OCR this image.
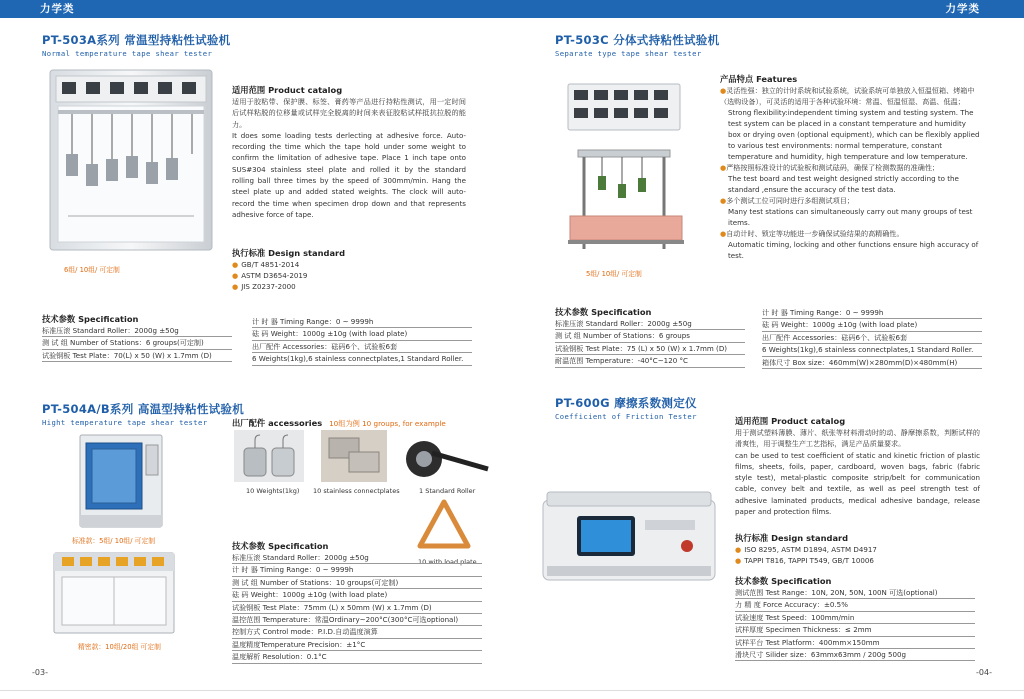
力学类	力学类
PT-503A系列 常温型持粘性试验机
Normal temperature tape shear tester
6组/ 10组/ 可定制
适用范围 Product catalog

适用于胶粘带、保护膜、标签、膏药等产品进行持粘性测试，用一定时间后试样粘脱的位移量或试样完全脱离的时间来表征胶粘试样抵抗拉脱的能力。

It does some loading tests derlecting at adhesive force. Auto-recording the time which the tape hold under some weight to confirm the limitation of adhesive tape. Place 1 inch tape onto SUS#304 stainless steel plate and rolled it by the standard rolling ball three times by the speed of 300mm/min. Hang the steel plate up and added stated weights. The clock will auto-record the time when specimen drop down and that represents adhesive force of tape.

执行标准 Design standard
● GB/T 4851-2014
● ASTM D3654-2019
● JIS Z0237-2000
技术参数 Specification
标准压滚 Standard Roller：2000g ±50g
测 试 组 Number of Stations：6 groups(可定制)
试验钢板 Test Plate：70(L) x 50 (W) x 1.7mm (D)
计 时 器 Timing Range：0 ~ 9999h
砝 码 Weight：1000g ±10g (with load plate)
出厂配件 Accessories：砝码6个、试验板6套
6 Weights(1kg),6 stainless connectplates,1 Standard Roller.
PT-503C 分体式持粘性试验机
Separate type tape shear tester
5组/ 10组/ 可定制
产品特点 Features
●灵活性强：独立的计时系统和试验系统，试验系统可单独放入恒温恒箱、烤箱中（选购设备），可灵活的适用于各种试验环境：常温、恒温恒湿、高温、低温；
Strong flexibility:independent timing system and testing system. The test system can be placed in a constant temperature and humidity box or drying oven (optional equipment), which can be flexibly applied to various test environments: normal temperature, constant temperature and humidity, high temperature and low temperature.
●严格按照标准设计的试验板和测试砝码，确保了检测数据的准确性；
The test board and test weight designed strictly according to the standard ,ensure the accuracy of the test data.
●多个测试工位可同时进行多组测试项目；
Many test stations can simultaneously carry out many groups of test items.
●自动计时、锁定等功能进一步确保试验结果的高精确性。
Automatic timing, locking and other functions ensure high accuracy of test.
技术参数 Specification
标准压滚 Standard Roller：2000g ±50g
测 试 组 Number of Stations：6 groups
试验钢板 Test Plate：75 (L) x 50 (W) x 1.7mm (D)
耐温范围 Temperature：-40°C~120 °C
计 时 器 Timing Range：0 ~ 9999h
砝 码 Weight：1000g ±10g (with load plate)
出厂配件 Accessories：砝码6个、试验板6套
6 Weights(1kg),6 stainless connectplates,1 Standard Roller.
箱体尺寸 Box size：460mm(W)×280mm(D)×480mm(H)
PT-504A/B系列 高温型持粘性试验机
Hight temperature tape shear tester
标准款：5组/ 10组/ 可定制
精密款：10组/20组 可定制
出厂配件 accessories 10组为例 10 groups, for example
10 Weights(1kg) 10 stainless connectplates	1 Standard Roller
10 with load plate
技术参数 Specification
标准压滚 Standard Roller：2000g ±50g
计 时 器 Timing Range：0 ~ 9999h
测 试 组 Number of Stations：10 groups(可定制)
砝 码 Weight：1000g ±10g (with load plate)
试验钢板 Test Plate：75mm (L) x 50mm (W) x 1.7mm (D)
温控范围 Temperature：常温Ordinary~200°C(300°C可选optional)
控制方式 Control mode：P.I.D.自动温度演算
温度精度Temperature Precision：±1°C
温度解析 Resolution：0.1°C
PT-600G 摩擦系数测定仪
Coefficient of Friction Tester	适用范围 Product catalog

用于测试塑料薄膜、薄片、纸张等材料滑动时的动、静摩擦系数，判断试样的滑爽性，用于调整生产工艺指标，满足产品质量要求。

can be used to test coefficient of static and kinetic friction of plastic films, sheets, foils, paper, cardboard, woven bags, fabric (fabric style test), metal-plastic composite strip/belt for communication cable, convey belt and textile, as well as peel strength test of adhesive laminated products, medical adhesive bandage, release paper and protection films.

执行标准 Design standard
● ISO 8295, ASTM D1894, ASTM D4917
● TAPPI T816, TAPPI T549, GB/T 10006
技术参数 Specification
测试范围 Test Range：10N, 20N, 50N, 100N 可选(optional)
力 精 度 Force Accuracy：±0.5%
试验速度 Test Speed：100mm/min
试样厚度 Specimen Thickness：≤ 2mm
试样平台 Test Platform：400mm×150mm
滑块尺寸 Silider size：63mmx63mm / 200g 500g
-03-	-04-
